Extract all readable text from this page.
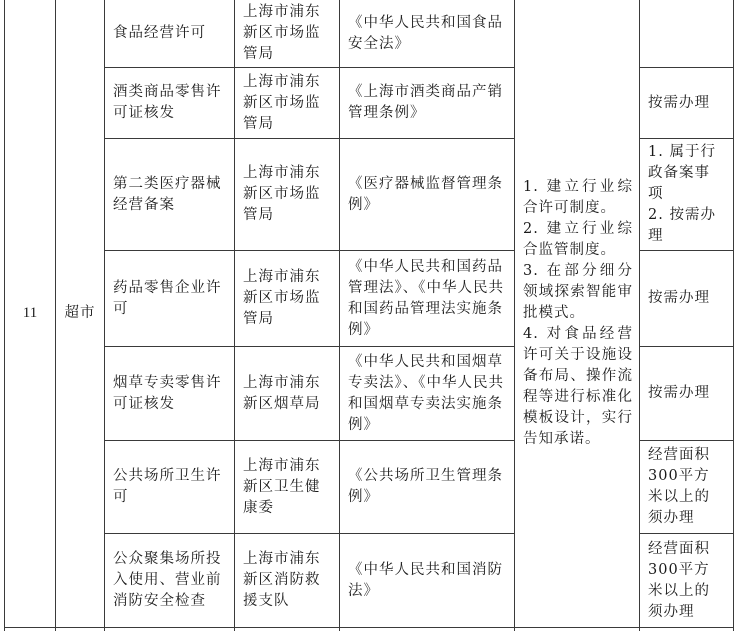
11 超市
1. 建立行业综合许可制度。
2. 建立行业综合监管制度。
3. 在部分细分领域探索智能审批模式。
4. 对食品经营许可关于设施设备布局、操作流程等进行标准化模板设计，实行告知承诺。
食品经营许可
上海市浦东新区市场监管局
《中华人民共和国食品安全法》
酒类商品零售许可证核发
上海市浦东新区市场监管局
《上海市酒类商品产销管理条例》
按需办理
第二类医疗器械经营备案
上海市浦东新区市场监管局
《医疗器械监督管理条例》
1. 属于行政备案事项
2. 按需办理
药品零售企业许可
上海市浦东新区市场监管局
《中华人民共和国药品管理法》、《中华人民共和国药品管理法实施条例》
按需办理
烟草专卖零售许可证核发
上海市浦东新区烟草局
《中华人民共和国烟草专卖法》、《中华人民共和国烟草专卖法实施条例》
按需办理
公共场所卫生许可
上海市浦东新区卫生健康委
《公共场所卫生管理条例》
经营面积300平方米以上的须办理
公众聚集场所投入使用、营业前消防安全检查
上海市浦东新区消防救援支队
《中华人民共和国消防法》
经营面积300平方米以上的须办理
